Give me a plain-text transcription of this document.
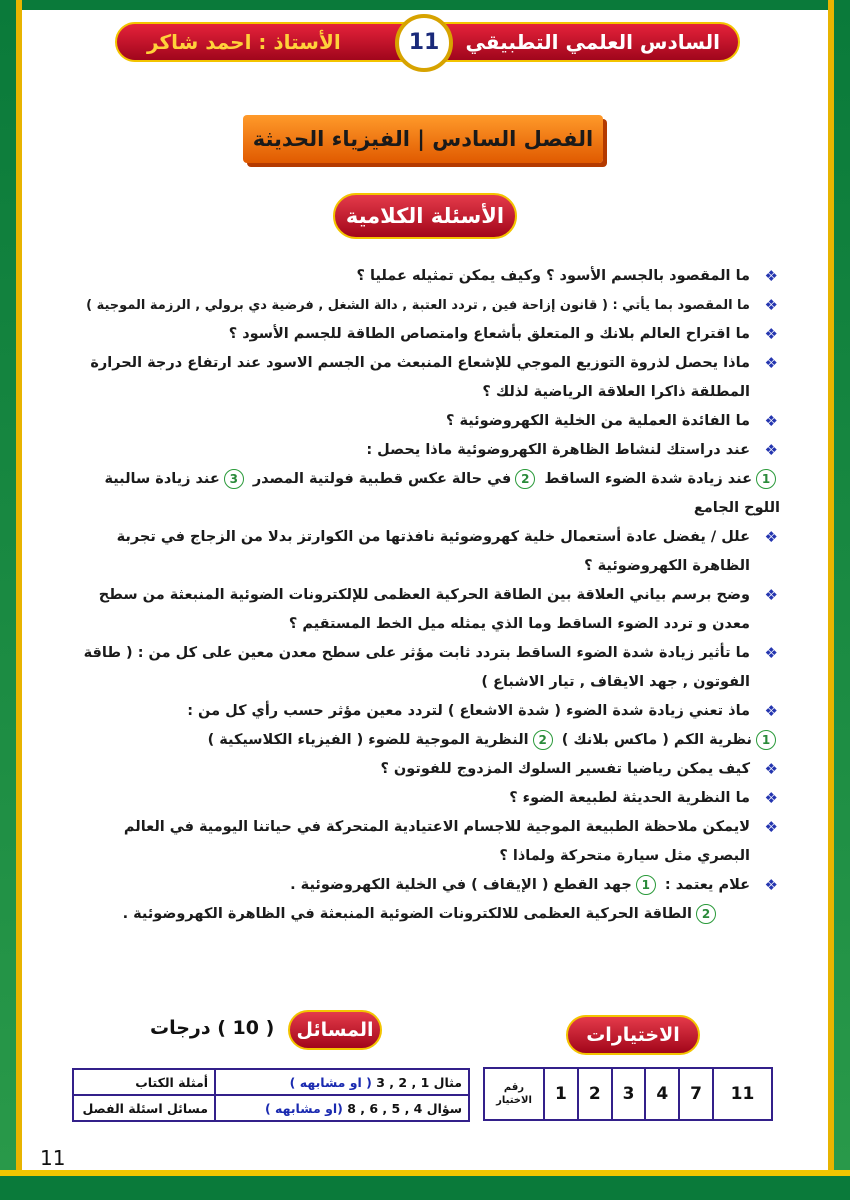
السادس العلمي التطبيقي
الأستاذ : احمد شاكر	11
الفصل السادس | الفيزياء الحديثة
الأسئلة الكلامية
❖
ما المقصود بالجسم الأسود ؟ وكيف يمكن تمثيله عمليا ؟
❖
ما المقصود بما يأتي : ( قانون إزاحة فين , تردد العتبة , دالة الشغل , فرضية دي برولي , الرزمة الموجية )
❖
ما اقتراح العالم بلانك و المتعلق بأشعاع وامتصاص الطاقة للجسم الأسود ؟
❖
ماذا يحصل لذروة التوزيع الموجي للإشعاع المنبعث من الجسم الاسود عند ارتفاع درجة الحرارة المطلقة ذاكرا العلاقة الرياضية لذلك ؟
❖
ما الفائدة العملية من الخلية الكهروضوئية ؟
❖
عند دراستك لنشاط الظاهرة الكهروضوئية ماذا يحصل :
1عند زيادة شدة الضوء الساقط 2في حالة عكس قطبية فولتية المصدر 3عند زيادة سالبية اللوح الجامع
❖
علل / يفضل عادة أستعمال خلية كهروضوئية نافذتها من الكوارتز بدلا من الزجاج في تجربة الظاهرة الكهروضوئية ؟
❖
وضح برسم بياني العلاقة بين الطاقة الحركية العظمى للإلكترونات الضوئية المنبعثة من سطح معدن و تردد الضوء الساقط وما الذي يمثله ميل الخط المستقيم ؟
❖
ما تأثير زيادة شدة الضوء الساقط بتردد ثابت مؤثر على سطح معدن معين على كل من : ( طاقة الفوتون , جهد الايقاف , تيار الاشباع )
❖
ماذ تعني زيادة شدة الضوء ( شدة الاشعاع ) لتردد معين مؤثر حسب رأي كل من :
1نظرية الكم ( ماكس بلانك ) 2النظرية الموجية للضوء ( الفيزياء الكلاسيكية )
❖
كيف يمكن رياضيا تفسير السلوك المزدوج للفوتون ؟
❖
ما النظرية الحديثة لطبيعة الضوء ؟
❖
لايمكن ملاحظة الطبيعة الموجية للاجسام الاعتيادية المتحركة في حياتنا اليومية في العالم البصري مثل سيارة متحركة ولماذا ؟
❖
علام يعتمد : 1جهد القطع ( الإيقاف ) في الخلية الكهروضوئية .
2الطاقة الحركية العظمى للالكترونات الضوئية المنبعثة في الظاهرة الكهروضوئية .
الاختيارات
المسائل
( 10 ) درجات
مثال 1 , 2 , 3 ( او مشابهه )	أمثلة الكتاب
سؤال 4 , 5 , 6 , 8 (او مشابهه )	مسائل اسئلة الفصل
11	7	4	3	2	1	رقم
الاختيار
11
